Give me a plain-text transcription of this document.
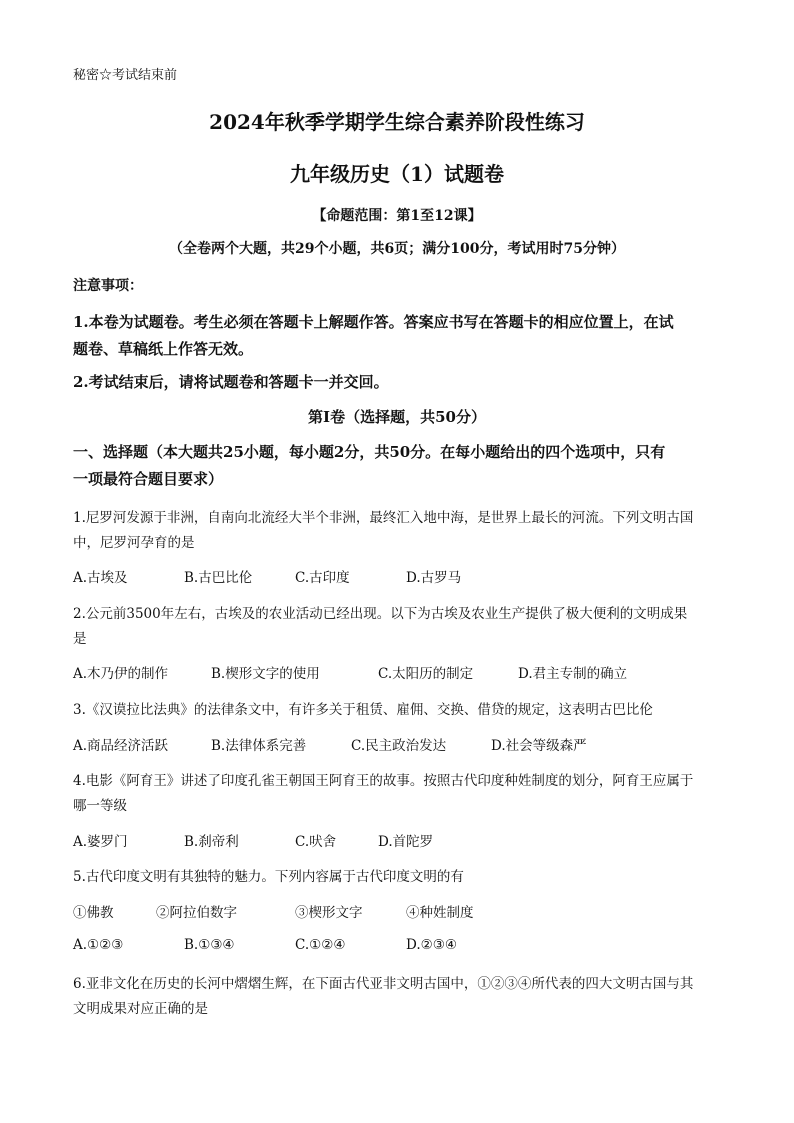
秘密☆考试结束前
2024年秋季学期学生综合素养阶段性练习
九年级历史（1）试题卷
【命题范围：第1至12课】
（全卷两个大题，共29个小题，共6页；满分100分，考试用时75分钟）
注意事项：
1.本卷为试题卷。考生必须在答题卡上解题作答。答案应书写在答题卡的相应位置上，在试
题卷、草稿纸上作答无效。
2.考试结束后，请将试题卷和答题卡一并交回。
第Ⅰ卷（选择题，共50分）
一、选择题（本大题共25小题，每小题2分，共50分。在每小题给出的四个选项中，只有
一项最符合题目要求）
1.尼罗河发源于非洲，自南向北流经大半个非洲，最终汇入地中海，是世界上最长的河流。下列文明古国
中，尼罗河孕育的是
A.古埃及	B.古巴比伦	C.古印度	D.古罗马
2.公元前3500年左右，古埃及的农业活动已经出现。以下为古埃及农业生产提供了极大便利的文明成果
是
A.木乃伊的制作	B.楔形文字的使用	C.太阳历的制定	D.君主专制的确立
3.《汉谟拉比法典》的法律条文中，有许多关于租赁、雇佣、交换、借贷的规定，这表明古巴比伦
A.商品经济活跃	B.法律体系完善	C.民主政治发达	D.社会等级森严
4.电影《阿育王》讲述了印度孔雀王朝国王阿育王的故事。按照古代印度种姓制度的划分，阿育王应属于
哪一等级
A.婆罗门	B.刹帝利	C.吠舍	D.首陀罗
5.古代印度文明有其独特的魅力。下列内容属于古代印度文明的有
①佛教	②阿拉伯数字	③楔形文字	④种姓制度
A.①②③	B.①③④	C.①②④	D.②③④
6.亚非文化在历史的长河中熠熠生辉，在下面古代亚非文明古国中，①②③④所代表的四大文明古国与其
文明成果对应正确的是
